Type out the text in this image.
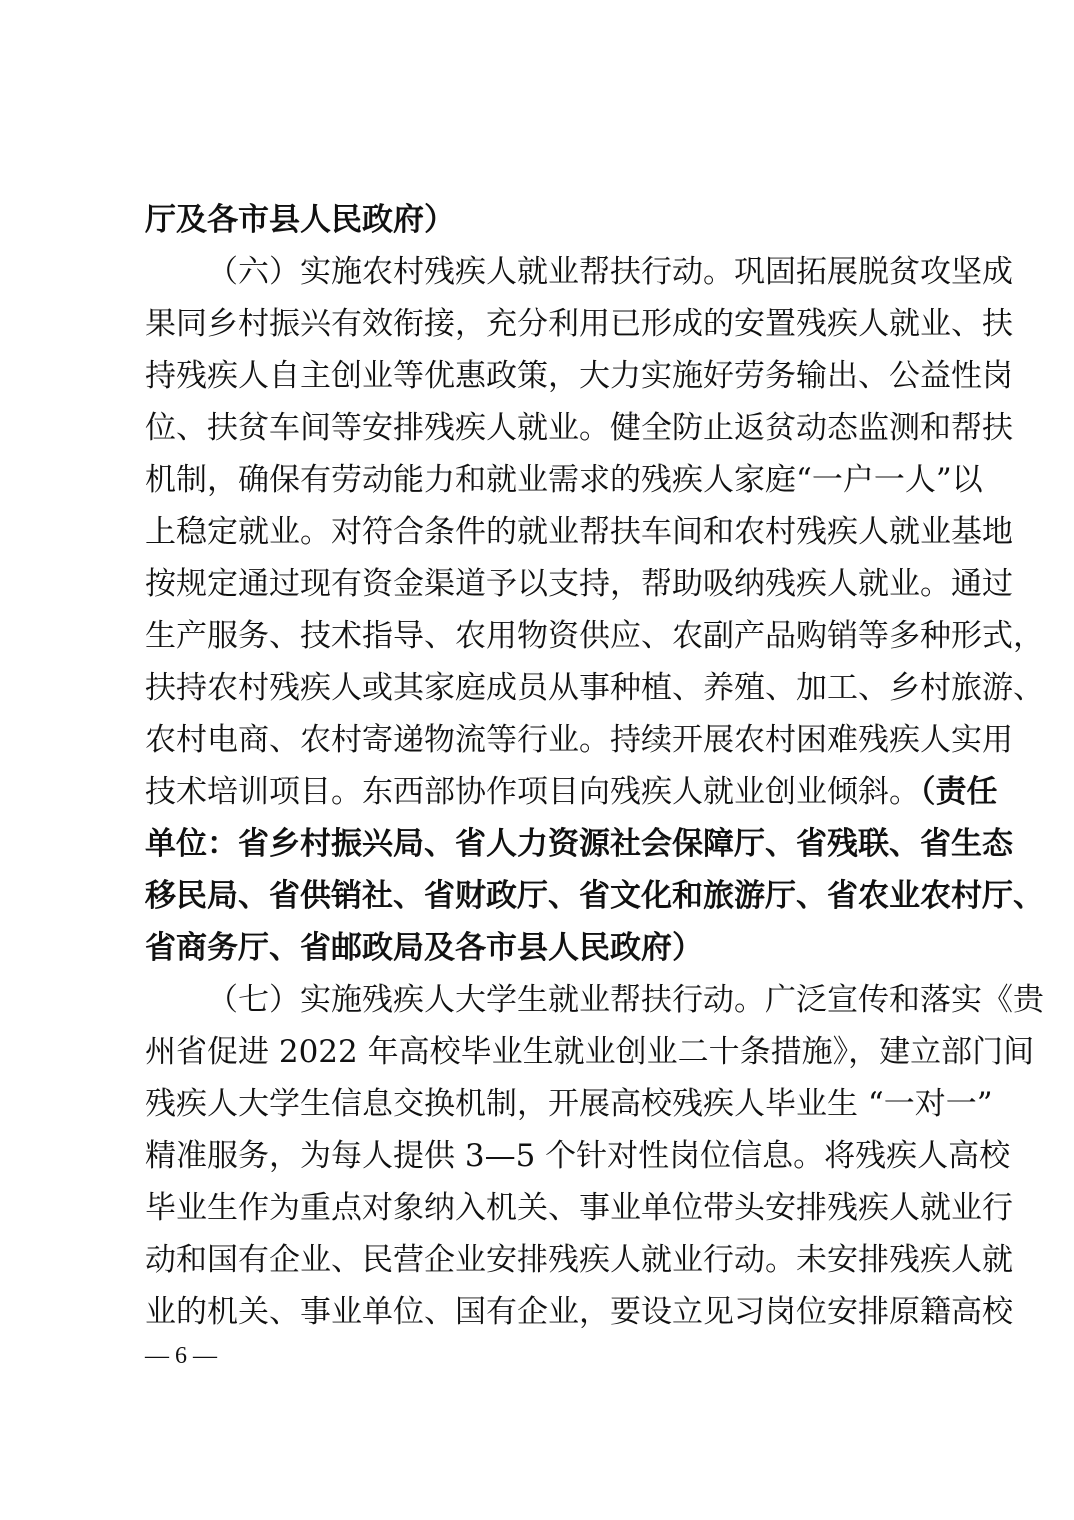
厅及各市县人民政府）
（六）实施农村残疾人就业帮扶行动。巩固拓展脱贫攻坚成
果同乡村振兴有效衔接，充分利用已形成的安置残疾人就业、扶
持残疾人自主创业等优惠政策，大力实施好劳务输出、公益性岗
位、扶贫车间等安排残疾人就业。健全防止返贫动态监测和帮扶
机制，确保有劳动能力和就业需求的残疾人家庭“一户一人”以
上稳定就业。对符合条件的就业帮扶车间和农村残疾人就业基地
按规定通过现有资金渠道予以支持，帮助吸纳残疾人就业。通过
生产服务、技术指导、农用物资供应、农副产品购销等多种形式，
扶持农村残疾人或其家庭成员从事种植、养殖、加工、乡村旅游、
农村电商、农村寄递物流等行业。持续开展农村困难残疾人实用
技术培训项目。东西部协作项目向残疾人就业创业倾斜。（责任
单位：省乡村振兴局、省人力资源社会保障厅、省残联、省生态
移民局、省供销社、省财政厅、省文化和旅游厅、省农业农村厅、
省商务厅、省邮政局及各市县人民政府）
（七）实施残疾人大学生就业帮扶行动。广泛宣传和落实《贵
州省促进 2022 年高校毕业生就业创业二十条措施》，建立部门间
残疾人大学生信息交换机制，开展高校残疾人毕业生 “一对一”
精准服务，为每人提供 3—5 个针对性岗位信息。将残疾人高校
毕业生作为重点对象纳入机关、事业单位带头安排残疾人就业行
动和国有企业、民营企业安排残疾人就业行动。未安排残疾人就
业的机关、事业单位、国有企业，要设立见习岗位安排原籍高校
— 6 —
